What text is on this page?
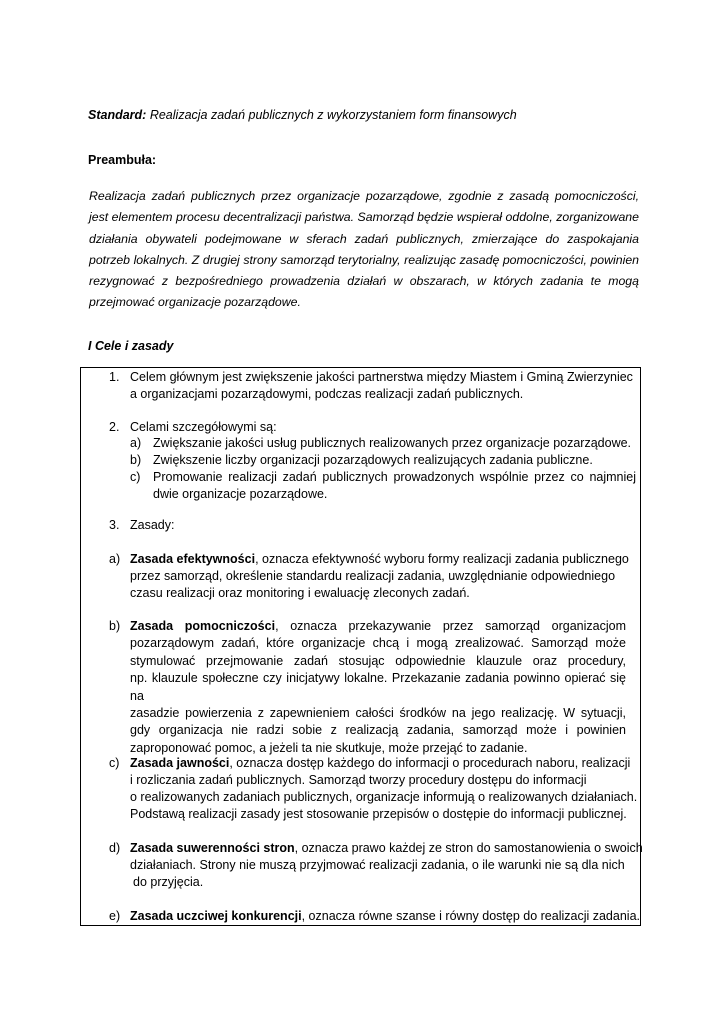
Standard: Realizacja zadań publicznych z wykorzystaniem form finansowych
Preambuła:
Realizacja zadań publicznych przez organizacje pozarządowe, zgodnie z zasadą pomocniczości, jest elementem procesu decentralizacji państwa. Samorząd będzie wspierał oddolne, zorganizowane działania obywateli podejmowane w sferach zadań publicznych, zmierzające do zaspokajania potrzeb lokalnych. Z drugiej strony samorząd terytorialny, realizując zasadę pomocniczości, powinien rezygnować z bezpośredniego prowadzenia działań w obszarach, w których zadania te mogą przejmować organizacje pozarządowe.
I Cele i zasady
1. Celem głównym jest zwiększenie jakości partnerstwa między Miastem i Gminą Zwierzyniec
a organizacjami pozarządowymi, podczas realizacji zadań publicznych.
2. Celami szczegółowymi są:
a) Zwiększanie jakości usług publicznych realizowanych przez organizacje pozarządowe.
b) Zwiększenie liczby organizacji pozarządowych realizujących zadania publiczne.
c) Promowanie realizacji zadań publicznych prowadzonych wspólnie przez co najmniej
dwie organizacje pozarządowe.
3. Zasady:
a) Zasada efektywności, oznacza efektywność wyboru formy realizacji zadania publicznego
przez samorząd, określenie standardu realizacji zadania, uwzględnianie odpowiedniego
czasu realizacji oraz monitoring i ewaluację zleconych zadań.
b) Zasada pomocniczości, oznacza przekazywanie przez samorząd organizacjom
pozarządowym zadań, które organizacje chcą i mogą zrealizować. Samorząd może
stymulować przejmowanie zadań stosując odpowiednie klauzule oraz procedury,
np. klauzule społeczne czy inicjatywy lokalne. Przekazanie zadania powinno opierać się na
zasadzie powierzenia z zapewnieniem całości środków na jego realizację. W sytuacji,
gdy organizacja nie radzi sobie z realizacją zadania, samorząd może i powinien
zaproponować pomoc, a jeżeli ta nie skutkuje, może przejąć to zadanie.
c) Zasada jawności, oznacza dostęp każdego do informacji o procedurach naboru, realizacji
i rozliczania zadań publicznych. Samorząd tworzy procedury dostępu do informacji
o realizowanych zadaniach publicznych, organizacje informują o realizowanych działaniach.
Podstawą realizacji zasady jest stosowanie przepisów o dostępie do informacji publicznej.
d) Zasada suwerenności stron, oznacza prawo każdej ze stron do samostanowienia o swoich
działaniach. Strony nie muszą przyjmować realizacji zadania, o ile warunki nie są dla nich
do przyjęcia.
e) Zasada uczciwej konkurencji, oznacza równe szanse i równy dostęp do realizacji zadania.
